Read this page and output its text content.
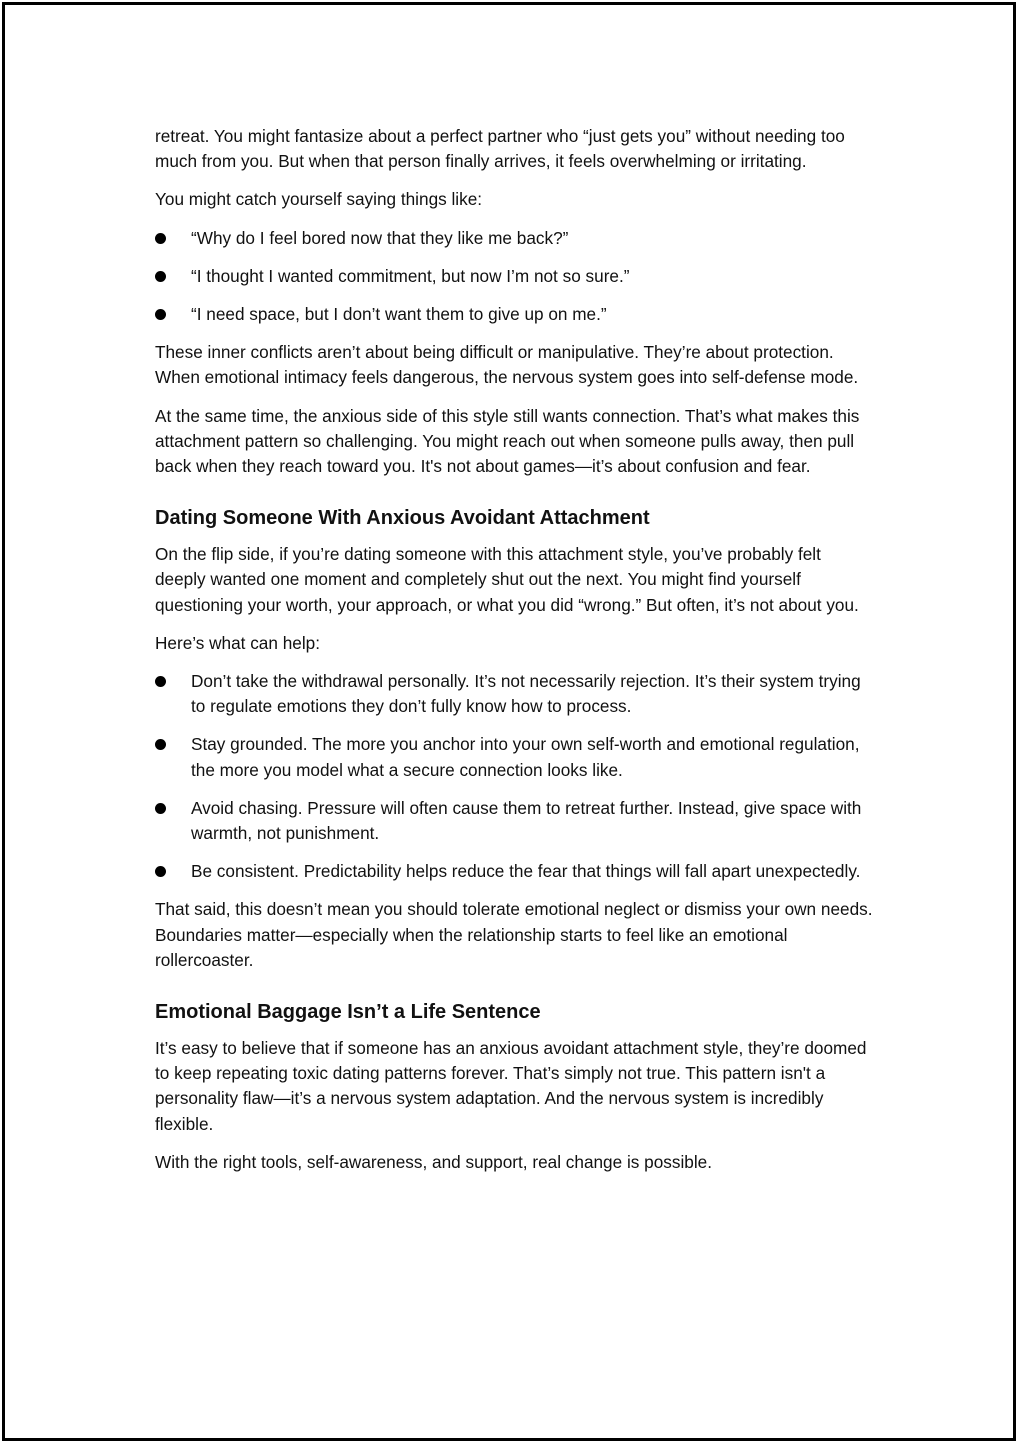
retreat. You might fantasize about a perfect partner who “just gets you” without needing too much from you. But when that person finally arrives, it feels overwhelming or irritating.

You might catch yourself saying things like:

“Why do I feel bored now that they like me back?”
“I thought I wanted commitment, but now I’m not so sure.”
“I need space, but I don’t want them to give up on me.”

These inner conflicts aren’t about being difficult or manipulative. They’re about protection. When emotional intimacy feels dangerous, the nervous system goes into self-defense mode.

At the same time, the anxious side of this style still wants connection. That’s what makes this attachment pattern so challenging. You might reach out when someone pulls away, then pull back when they reach toward you. It's not about games—it’s about confusion and fear.

Dating Someone With Anxious Avoidant Attachment

On the flip side, if you’re dating someone with this attachment style, you’ve probably felt deeply wanted one moment and completely shut out the next. You might find yourself questioning your worth, your approach, or what you did “wrong.” But often, it’s not about you.

Here’s what can help:

Don’t take the withdrawal personally. It’s not necessarily rejection. It’s their system trying to regulate emotions they don’t fully know how to process.
Stay grounded. The more you anchor into your own self-worth and emotional regulation, the more you model what a secure connection looks like.
Avoid chasing. Pressure will often cause them to retreat further. Instead, give space with warmth, not punishment.
Be consistent. Predictability helps reduce the fear that things will fall apart unexpectedly.

That said, this doesn’t mean you should tolerate emotional neglect or dismiss your own needs. Boundaries matter—especially when the relationship starts to feel like an emotional rollercoaster.

Emotional Baggage Isn’t a Life Sentence

It’s easy to believe that if someone has an anxious avoidant attachment style, they’re doomed to keep repeating toxic dating patterns forever. That’s simply not true. This pattern isn't a personality flaw—it’s a nervous system adaptation. And the nervous system is incredibly flexible.

With the right tools, self-awareness, and support, real change is possible.
